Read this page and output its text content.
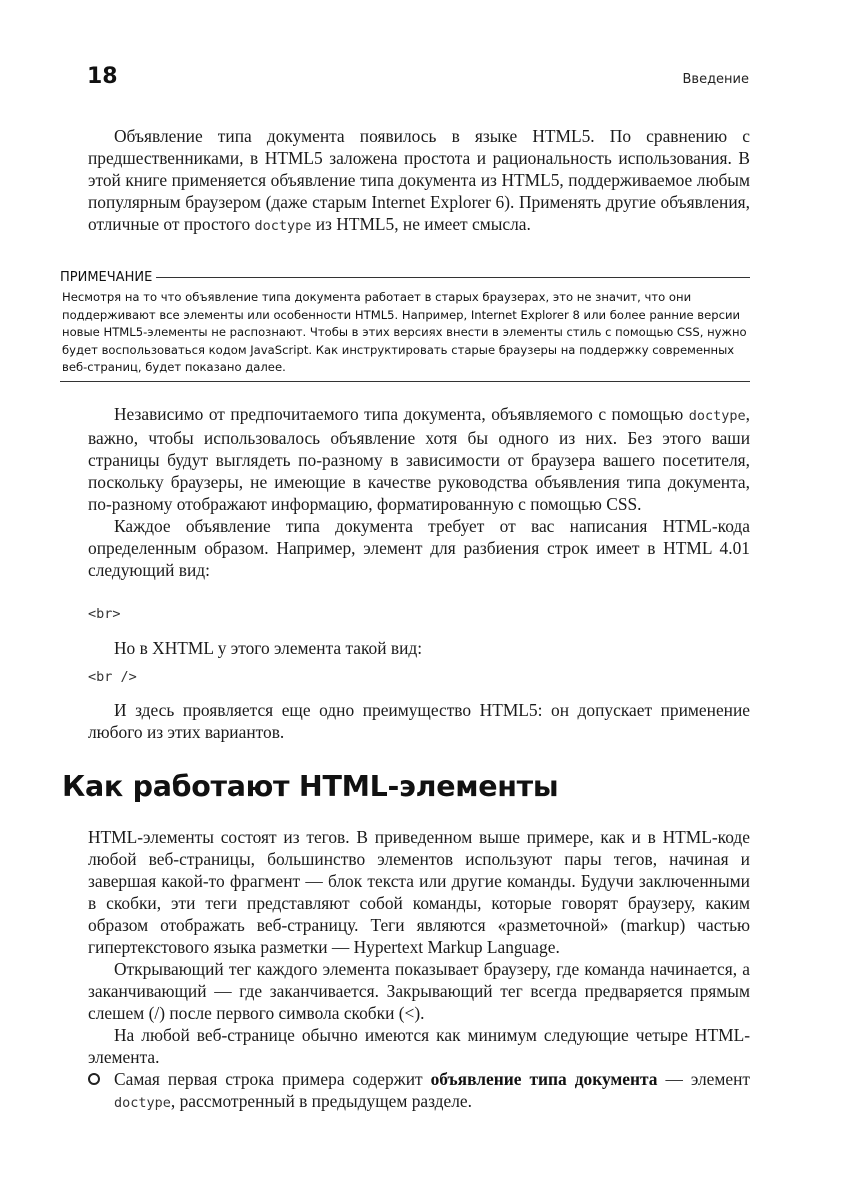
18	Введение

Объявление типа документа появилось в языке HTML5. По сравнению с предшественниками, в HTML5 заложена простота и рациональность использования. В этой книге применяется объявление типа документа из HTML5, поддерживаемое любым популярным браузером (даже старым Internet Explorer 6). Применять другие объявления, отличные от простого doctype из HTML5, не имеет смысла.

ПРИМЕЧАНИЕ
Несмотря на то что объявление типа документа работает в старых браузерах, это не значит, что они поддерживают все элементы или особенности HTML5. Например, Internet Explorer 8 или более ранние версии новые HTML5-элементы не распознают. Чтобы в этих версиях внести в элементы стиль с помощью CSS, нужно будет воспользоваться кодом JavaScript. Как инструктировать старые браузеры на поддержку современных веб-страниц, будет показано далее.

Независимо от предпочитаемого типа документа, объявляемого с помощью doctype, важно, чтобы использовалось объявление хотя бы одного из них. Без этого ваши страницы будут выглядеть по-разному в зависимости от браузера вашего посетителя, поскольку браузеры, не имеющие в качестве руководства объявления типа документа, по-разному отображают информацию, форматированную с помощью CSS.

Каждое объявление типа документа требует от вас написания HTML-кода определенным образом. Например, элемент для разбиения строк имеет в HTML 4.01 следующий вид:

<br>

Но в XHTML у этого элемента такой вид:

<br />

И здесь проявляется еще одно преимущество HTML5: он допускает применение любого из этих вариантов.

Как работают HTML-элементы

HTML-элементы состоят из тегов. В приведенном выше примере, как и в HTML-коде любой веб-страницы, большинство элементов используют пары тегов, начиная и завершая какой-то фрагмент — блок текста или другие команды. Будучи заключенными в скобки, эти теги представляют собой команды, которые говорят браузеру, каким образом отображать веб-страницу. Теги являются «разметочной» (markup) частью гипертекстового языка разметки — Hypertext Markup Language.

Открывающий тег каждого элемента показывает браузеру, где команда начинается, а заканчивающий — где заканчивается. Закрывающий тег всегда предваряется прямым слешем (/) после первого символа скобки (<).

На любой веб-странице обычно имеются как минимум следующие четыре HTML-элемента.

Самая первая строка примера содержит объявление типа документа — элемент doctype, рассмотренный в предыдущем разделе.
